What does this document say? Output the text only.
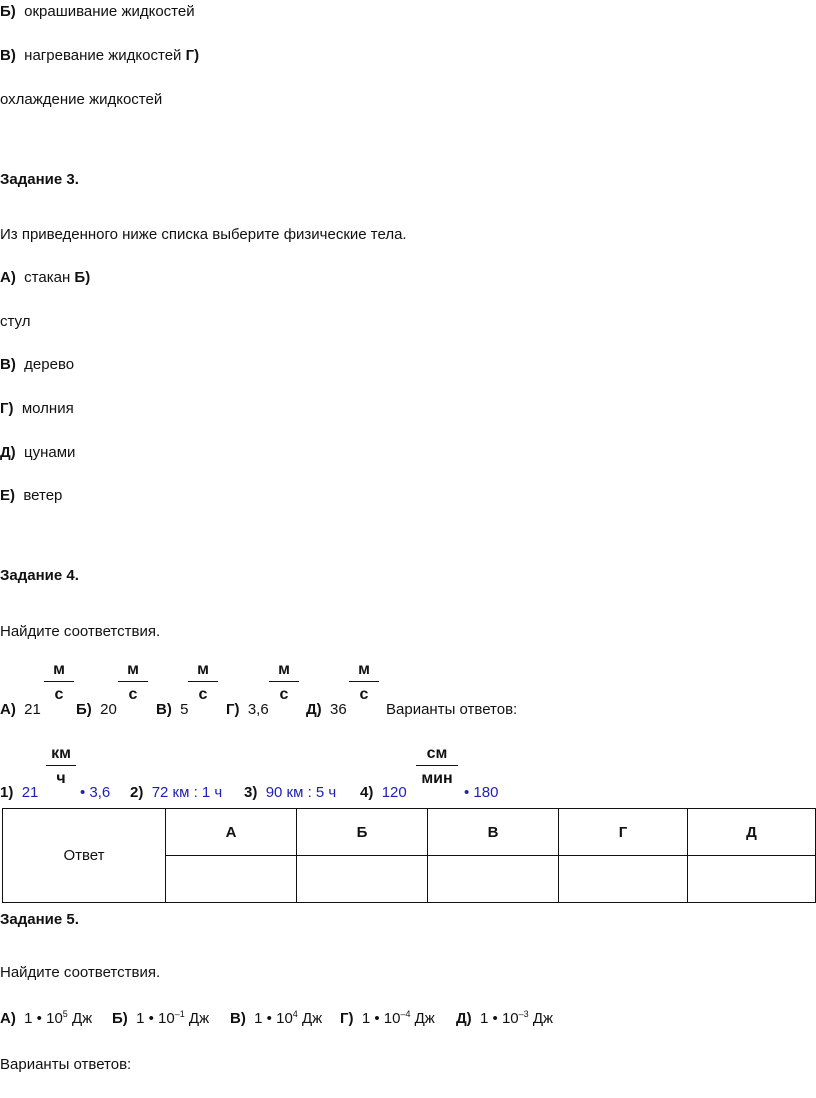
Б) окрашивание жидкостей
В) нагревание жидкостей Г)
охлаждение жидкостей
Задание 3.
Из приведенного ниже списка выберите физические тела.
А) стакан Б)
стул
В) дерево
Г) молния
Д) цунами
Е) ветер
Задание 4.
Найдите соответствия.
м
с
м
с
м
с
м
с
м
с
А) 21 Б) 20	В) 5 Г) 3,6 Д) 36	Варианты ответов:
км
ч
см
мин
1) 21	• 3,6 2) 72 км : 1 ч 3) 90 км : 5 ч 4) 120	• 180
Ответ	А	Б	В	Г	Д

Задание 5.
Найдите соответствия.
А) 1 • $10^5$ Дж Б) 1 • $10^{-1}$ Дж В) 1 • $10^4$ Дж Г) 1 • $10^{-4}$ Дж Д) 1 • $10^{-3}$ Дж
Варианты ответов:
